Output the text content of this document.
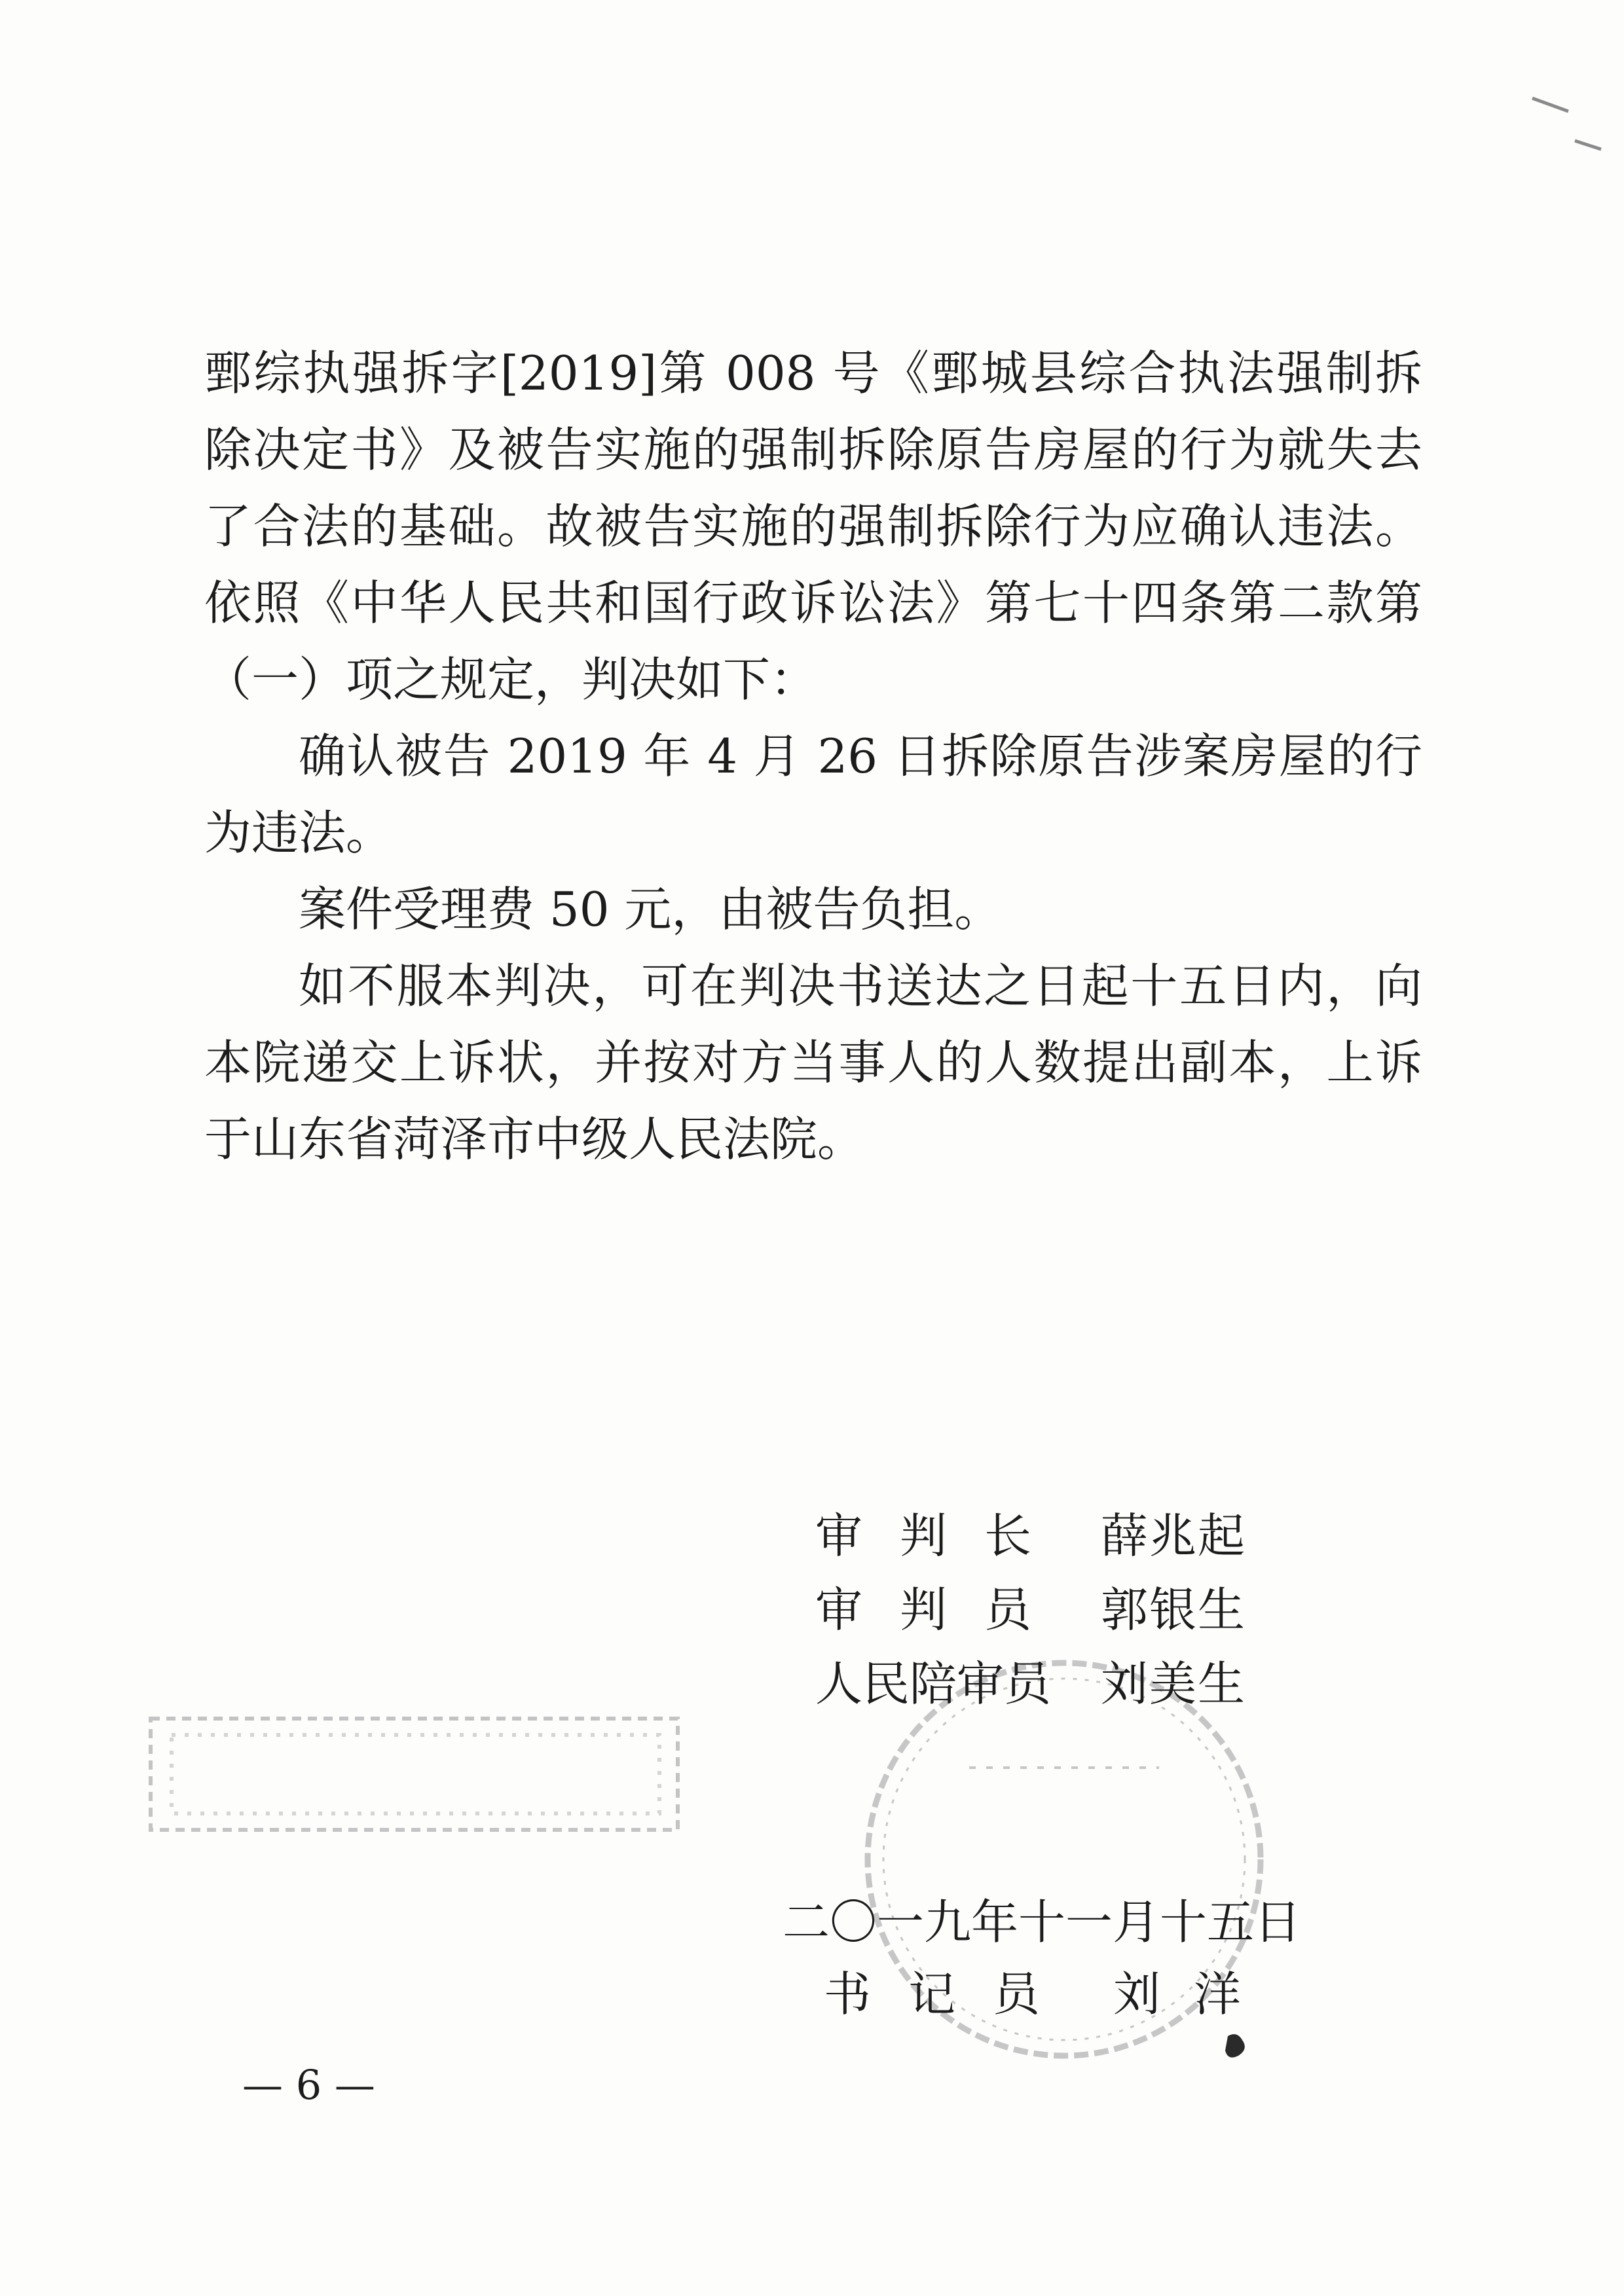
鄄综执强拆字[2019]第 008 号《鄄城县综合执法强制拆除决定书》及被告实施的强制拆除原告房屋的行为就失去了合法的基础。故被告实施的强制拆除行为应确认违法。依照《中华人民共和国行政诉讼法》第七十四条第二款第（一）项之规定，判决如下：

确认被告 2019 年 4 月 26 日拆除原告涉案房屋的行为违法。

案件受理费 50 元，由被告负担。

如不服本判决，可在判决书送达之日起十五日内，向本院递交上诉状，并按对方当事人的人数提出副本，上诉于山东省菏泽市中级人民法院。

审判长 薛兆起
审判员 郭银生
人民陪审员 刘美生
二〇一九年十一月十五日
书记员 刘洋
— 6 —
